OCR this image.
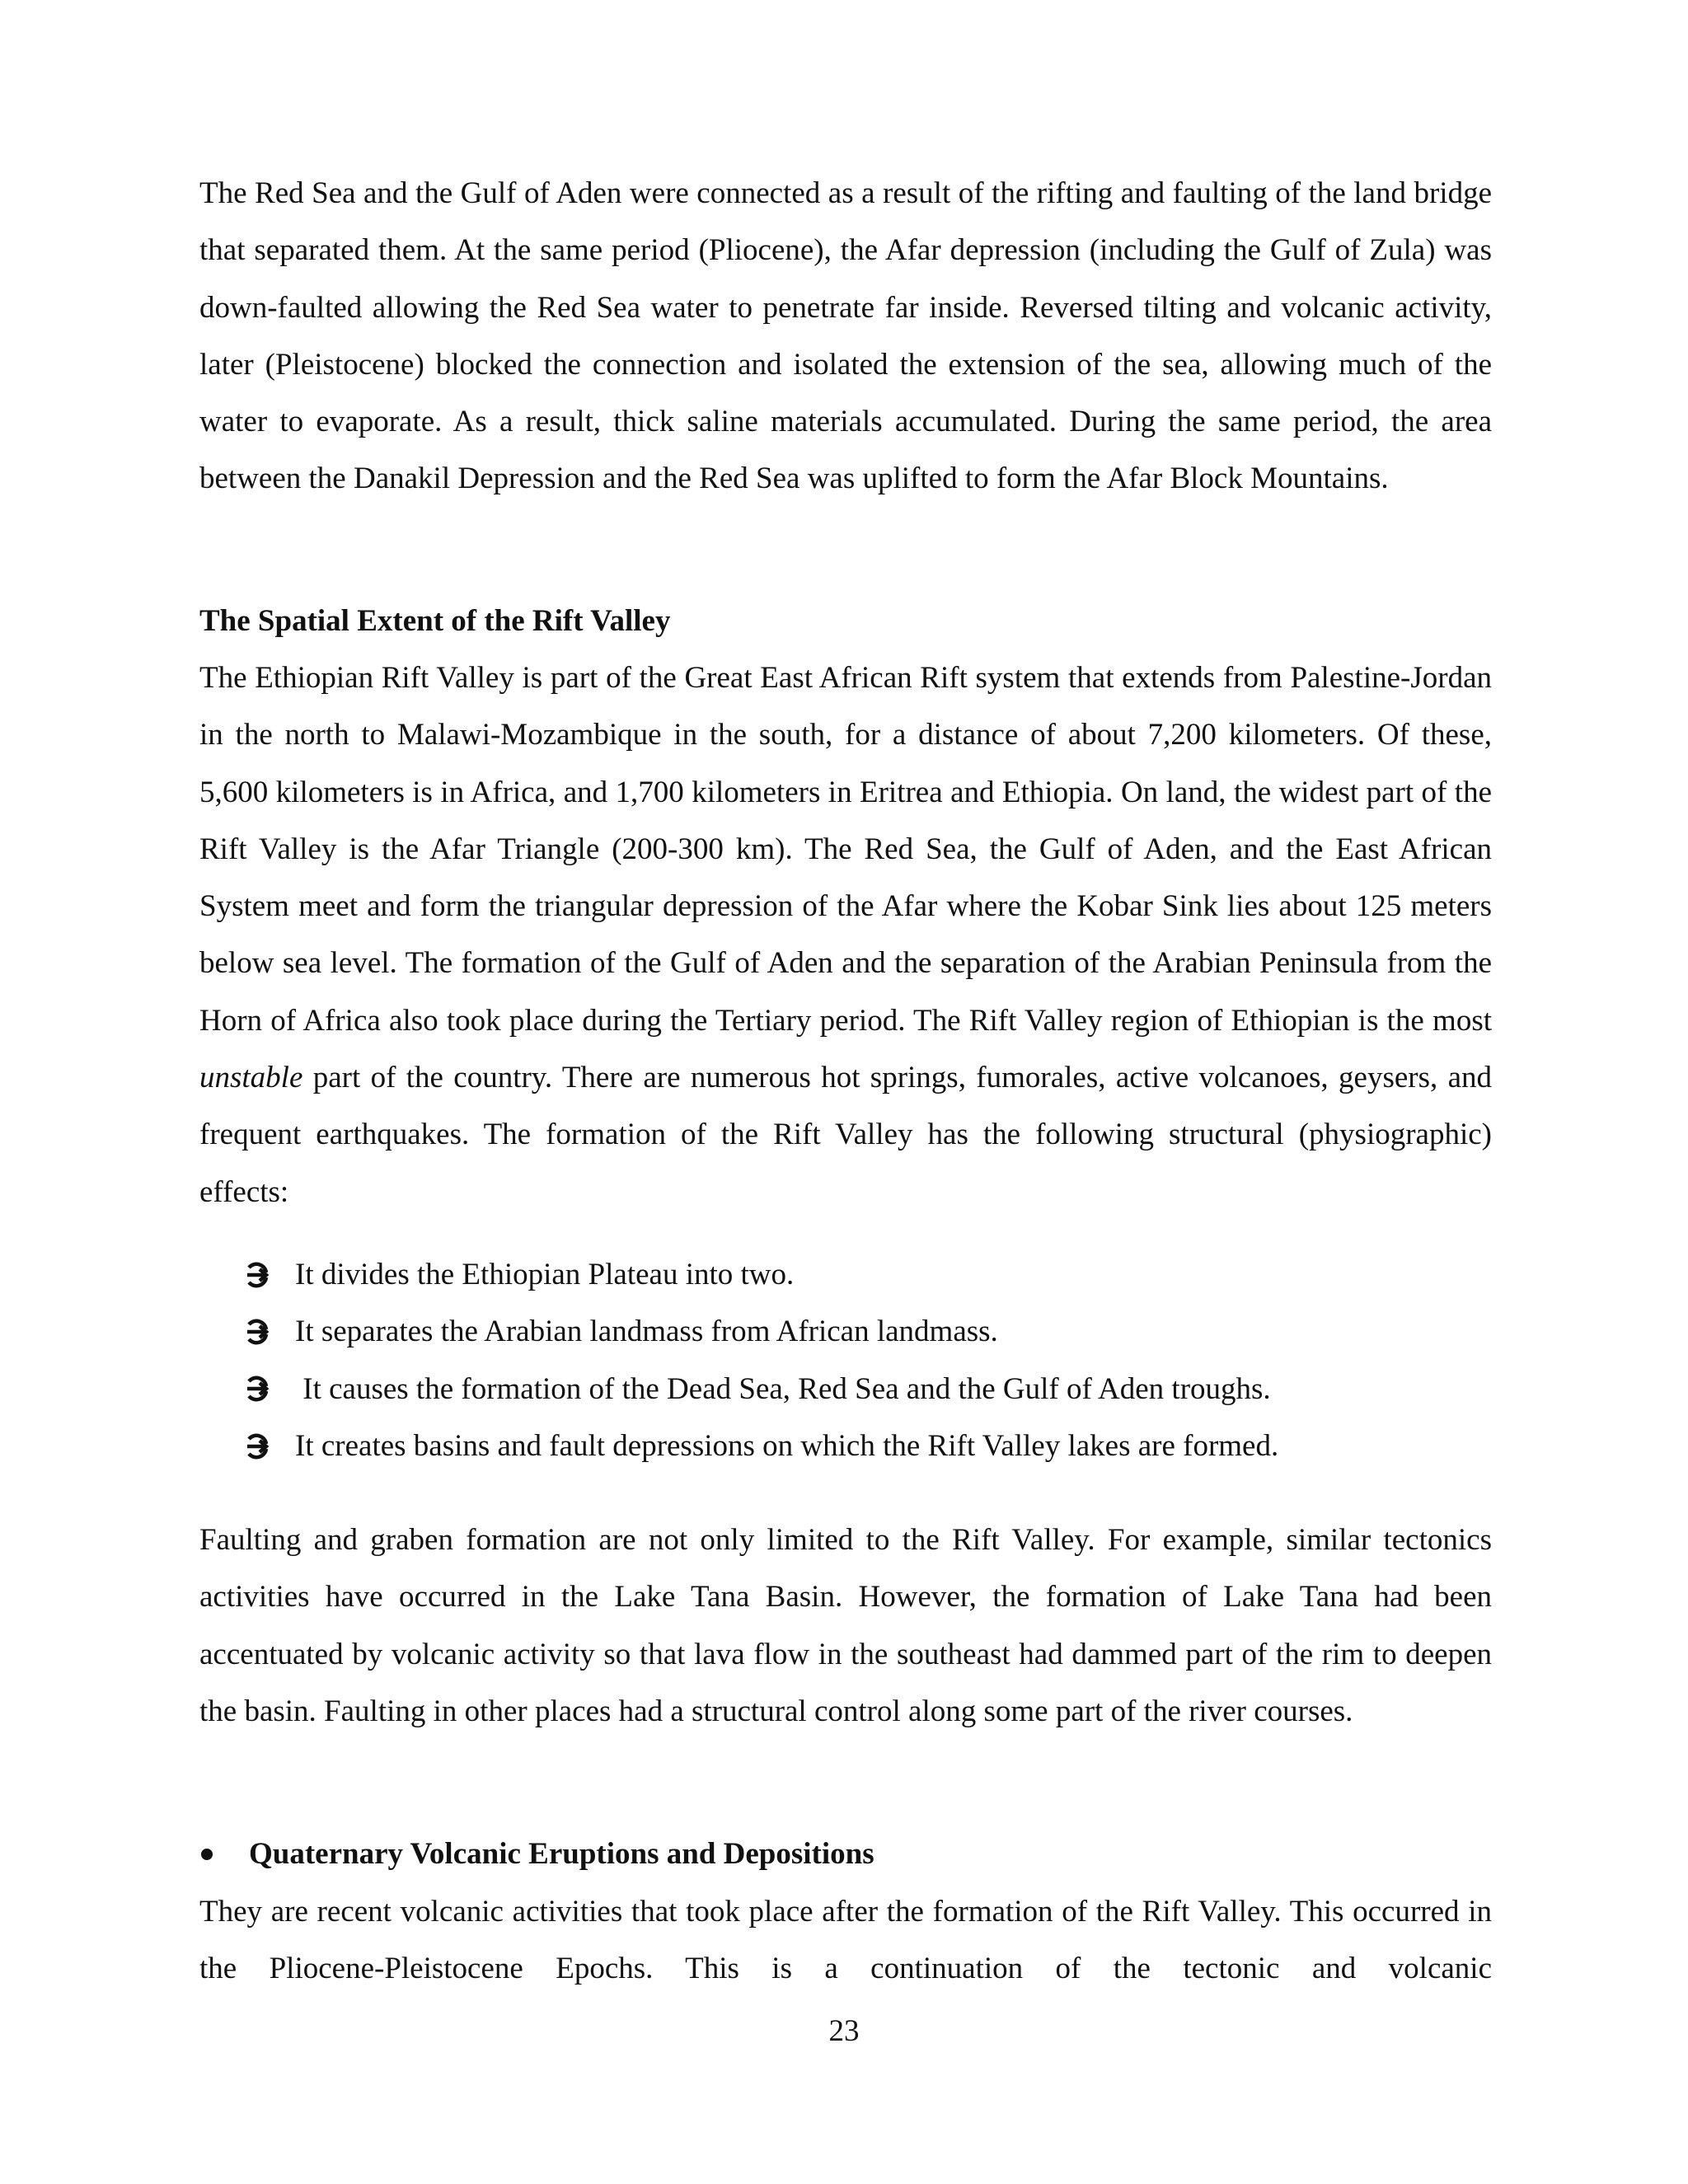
The Red Sea and the Gulf of Aden were connected as a result of the rifting and faulting of the land bridge that separated them. At the same period (Pliocene), the Afar depression (including the Gulf of Zula) was down-faulted allowing the Red Sea water to penetrate far inside. Reversed tilting and volcanic activity, later (Pleistocene) blocked the connection and isolated the extension of the sea, allowing much of the water to evaporate. As a result, thick saline materials accumulated. During the same period, the area between the Danakil Depression and the Red Sea was uplifted to form the Afar Block Mountains.

The Spatial Extent of the Rift Valley

The Ethiopian Rift Valley is part of the Great East African Rift system that extends from Palestine-Jordan in the north to Malawi-Mozambique in the south, for a distance of about 7,200 kilometers. Of these, 5,600 kilometers is in Africa, and 1,700 kilometers in Eritrea and Ethiopia. On land, the widest part of the Rift Valley is the Afar Triangle (200-300 km). The Red Sea, the Gulf of Aden, and the East African System meet and form the triangular depression of the Afar where the Kobar Sink lies about 125 meters below sea level. The formation of the Gulf of Aden and the separation of the Arabian Peninsula from the Horn of Africa also took place during the Tertiary period. The Rift Valley region of Ethiopian is the most unstable part of the country. There are numerous hot springs, fumorales, active volcanoes, geysers, and frequent earthquakes. The formation of the Rift Valley has the following structural (physiographic) effects:

It divides the Ethiopian Plateau into two.
It separates the Arabian landmass from African landmass.
It causes the formation of the Dead Sea, Red Sea and the Gulf of Aden troughs.
It creates basins and fault depressions on which the Rift Valley lakes are formed.

Faulting and graben formation are not only limited to the Rift Valley. For example, similar tectonics activities have occurred in the Lake Tana Basin. However, the formation of Lake Tana had been accentuated by volcanic activity so that lava flow in the southeast had dammed part of the rim to deepen the basin. Faulting in other places had a structural control along some part of the river courses.

Quaternary Volcanic Eruptions and Depositions

They are recent volcanic activities that took place after the formation of the Rift Valley. This occurred in the Pliocene-Pleistocene Epochs. This is a continuation of the tectonic and volcanic

23
